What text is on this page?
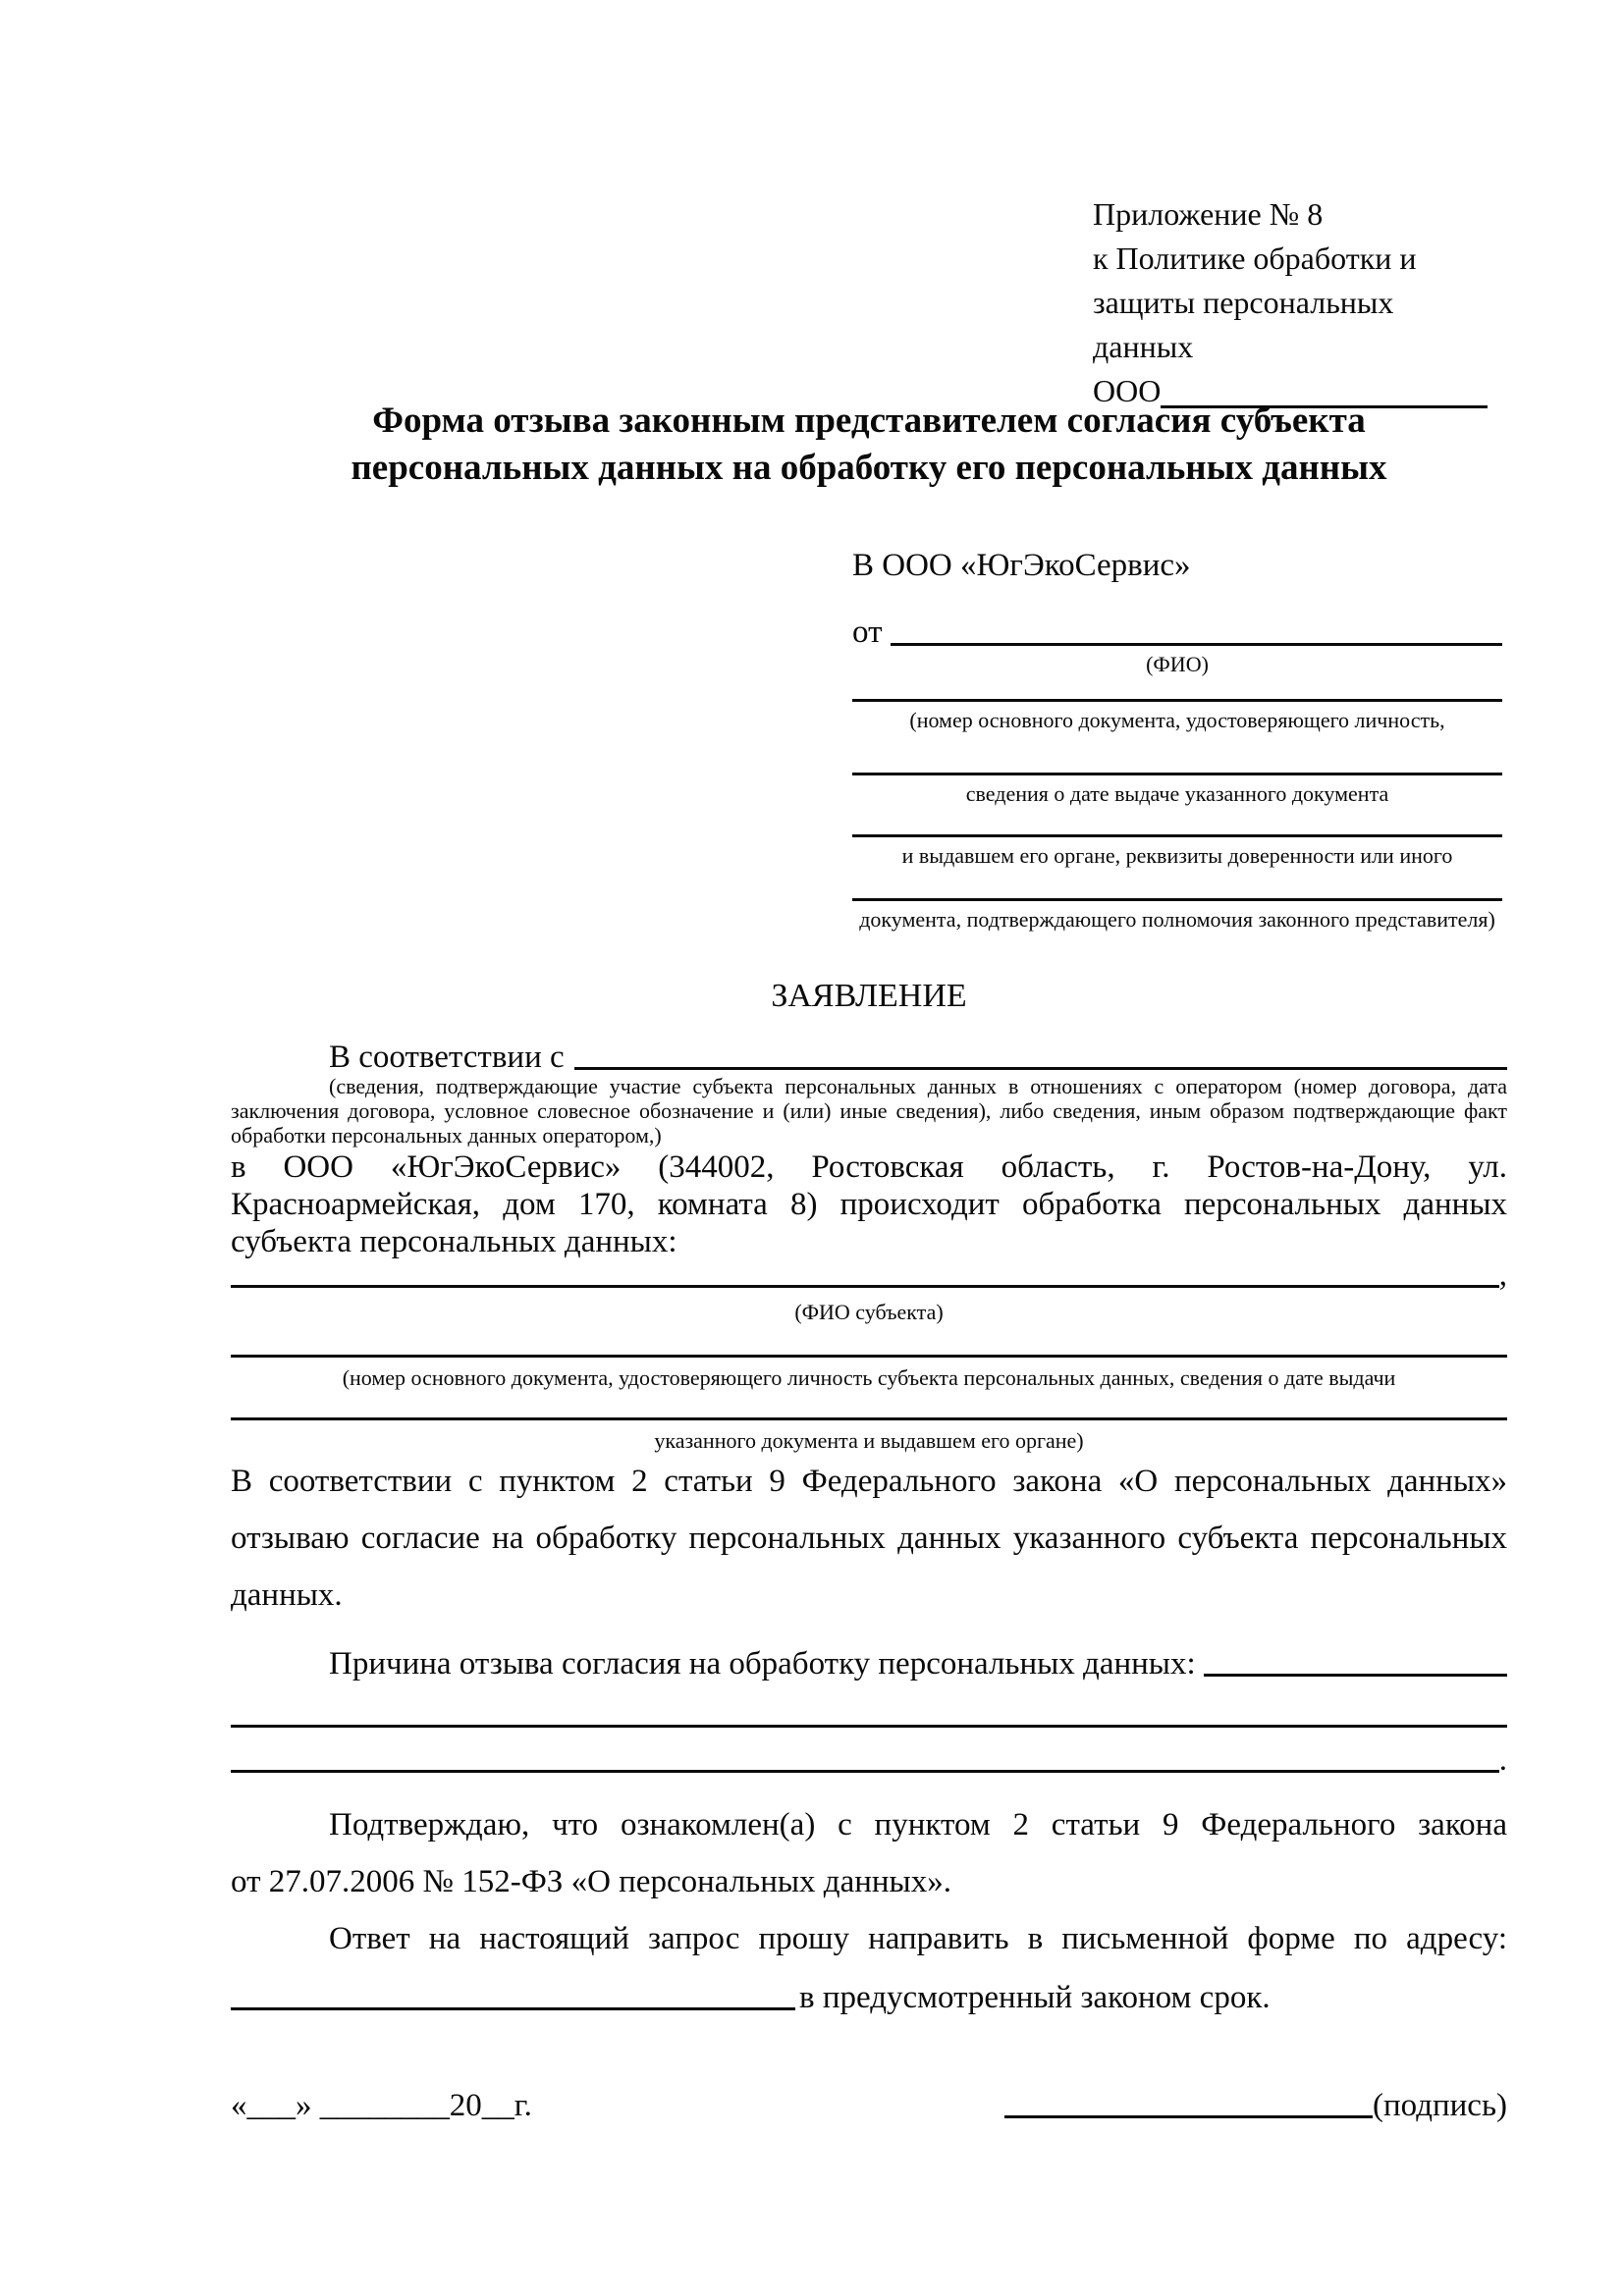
Приложение № 8
к Политике обработки и
защиты персональных данных
ООО
Форма отзыва законным представителем согласия субъекта
персональных данных на обработку его персональных данных
В ООО «ЮгЭкоСервис»
от
(ФИО)
(номер основного документа, удостоверяющего личность,
сведения о дате выдаче указанного документа
и выдавшем его органе, реквизиты доверенности или иного
документа, подтверждающего полномочия законного представителя)
ЗАЯВЛЕНИЕ
В соответствии с
(сведения, подтверждающие участие субъекта персональных данных в отношениях с оператором (номер договора, дата
заключения договора, условное словесное обозначение и (или) иные сведения), либо сведения, иным образом подтверждающие факт
обработки персональных данных оператором,)
в ООО «ЮгЭкоСервис» (344002, Ростовская область, г. Ростов-на-Дону, ул.
Красноармейская, дом 170, комната 8) происходит обработка персональных данных
субъекта персональных данных:
,
(ФИО субъекта)
(номер основного документа, удостоверяющего личность субъекта персональных данных, сведения о дате выдачи
указанного документа и выдавшем его органе)
В соответствии с пунктом 2 статьи 9 Федерального закона «О персональных данных»
отзываю согласие на обработку персональных данных указанного субъекта персональных
данных.
Причина отзыва согласия на обработку персональных данных:
.
Подтверждаю, что ознакомлен(а) с пунктом 2 статьи 9 Федерального закона
от 27.07.2006 № 152-ФЗ «О персональных данных».
Ответ на настоящий запрос прошу направить в письменной форме по адресу:
в предусмотренный законом срок.
«___» ________20__г.	(подпись)
